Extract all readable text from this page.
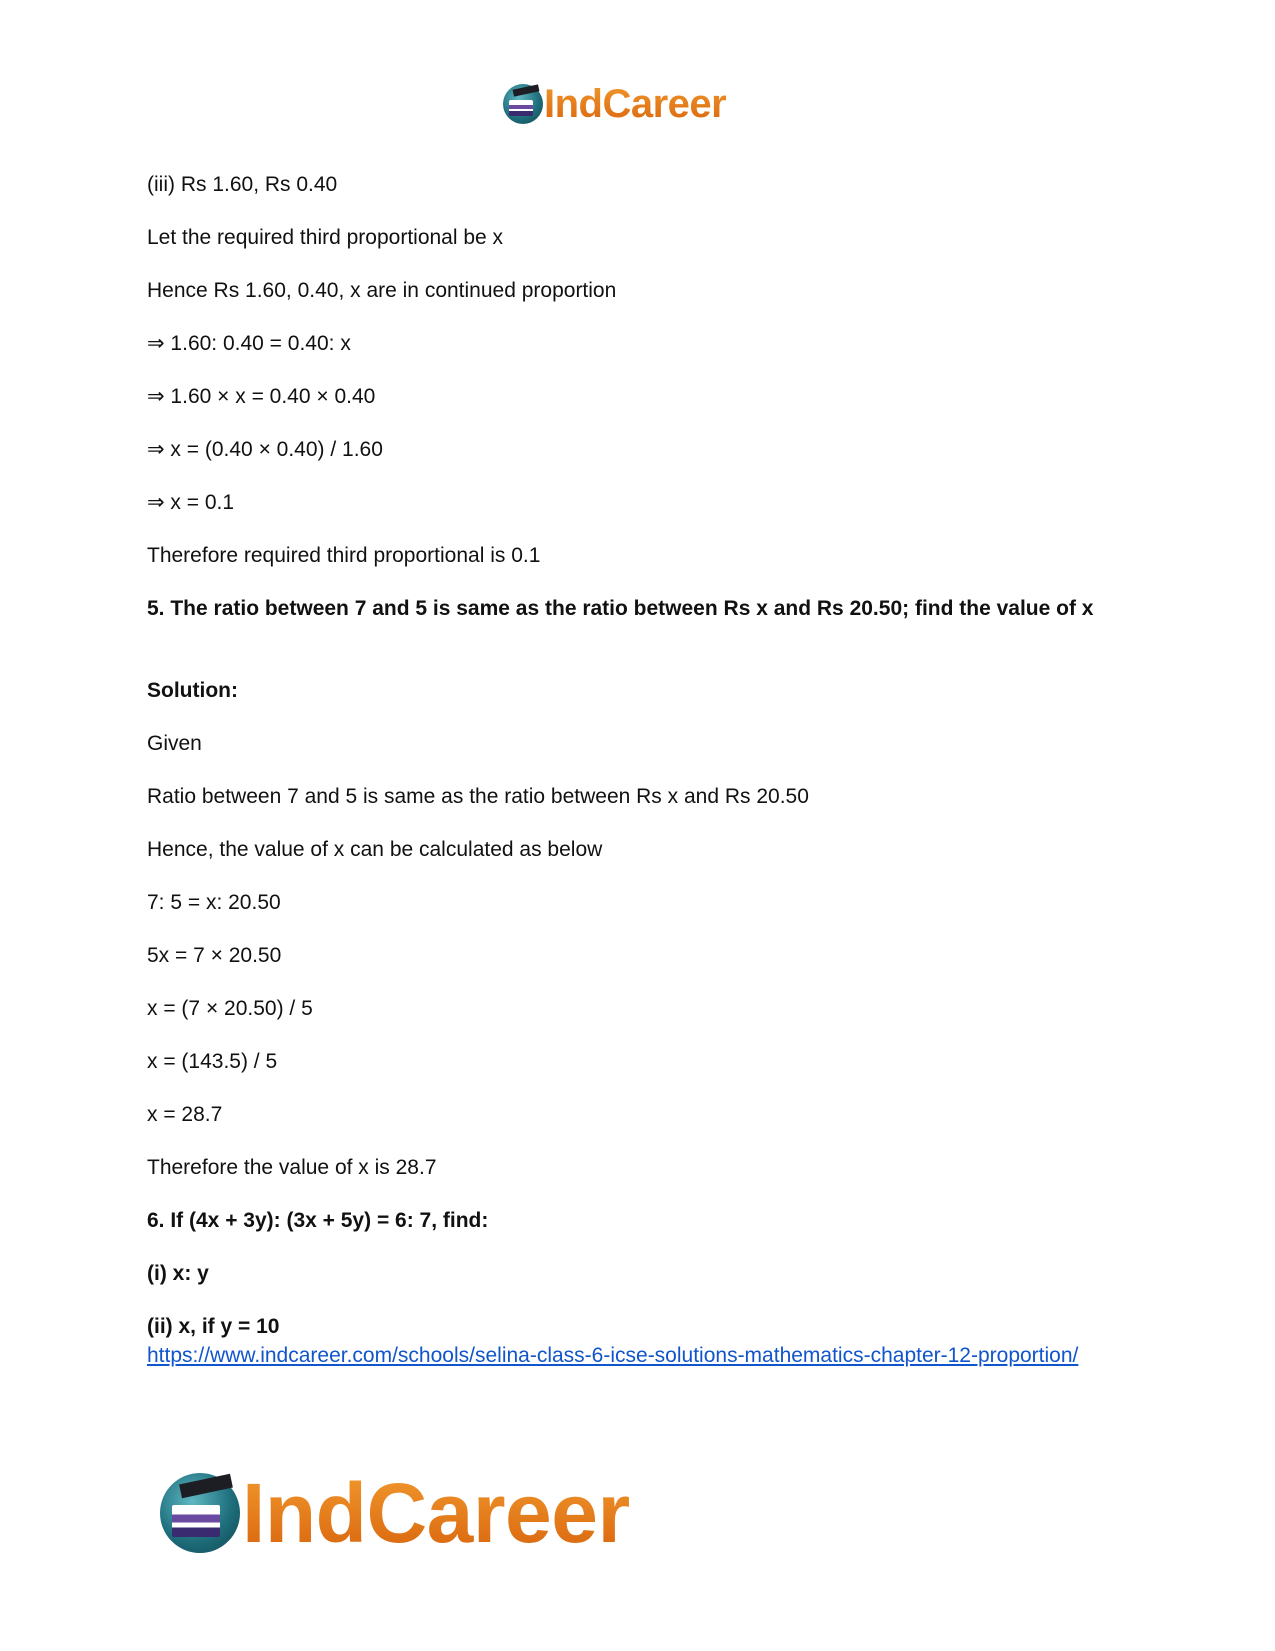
IndCareer
(iii) Rs 1.60, Rs 0.40
Let the required third proportional be x
Hence Rs 1.60, 0.40, x are in continued proportion
⇒ 1.60: 0.40 = 0.40: x
⇒ 1.60 × x = 0.40 × 0.40
⇒ x = (0.40 × 0.40) / 1.60
⇒ x = 0.1
Therefore required third proportional is 0.1
5. The ratio between 7 and 5 is same as the ratio between Rs x and Rs 20.50; find the value of x
Solution:
Given
Ratio between 7 and 5 is same as the ratio between Rs x and Rs 20.50
Hence, the value of x can be calculated as below
7: 5 = x: 20.50
5x = 7 × 20.50
x = (7 × 20.50) / 5
x = (143.5) / 5
x = 28.7
Therefore the value of x is 28.7
6. If (4x + 3y): (3x + 5y) = 6: 7, find:
(i) x: y
(ii) x, if y = 10
https://www.indcareer.com/schools/selina-class-6-icse-solutions-mathematics-chapter-12-proportion/
IndCareer
